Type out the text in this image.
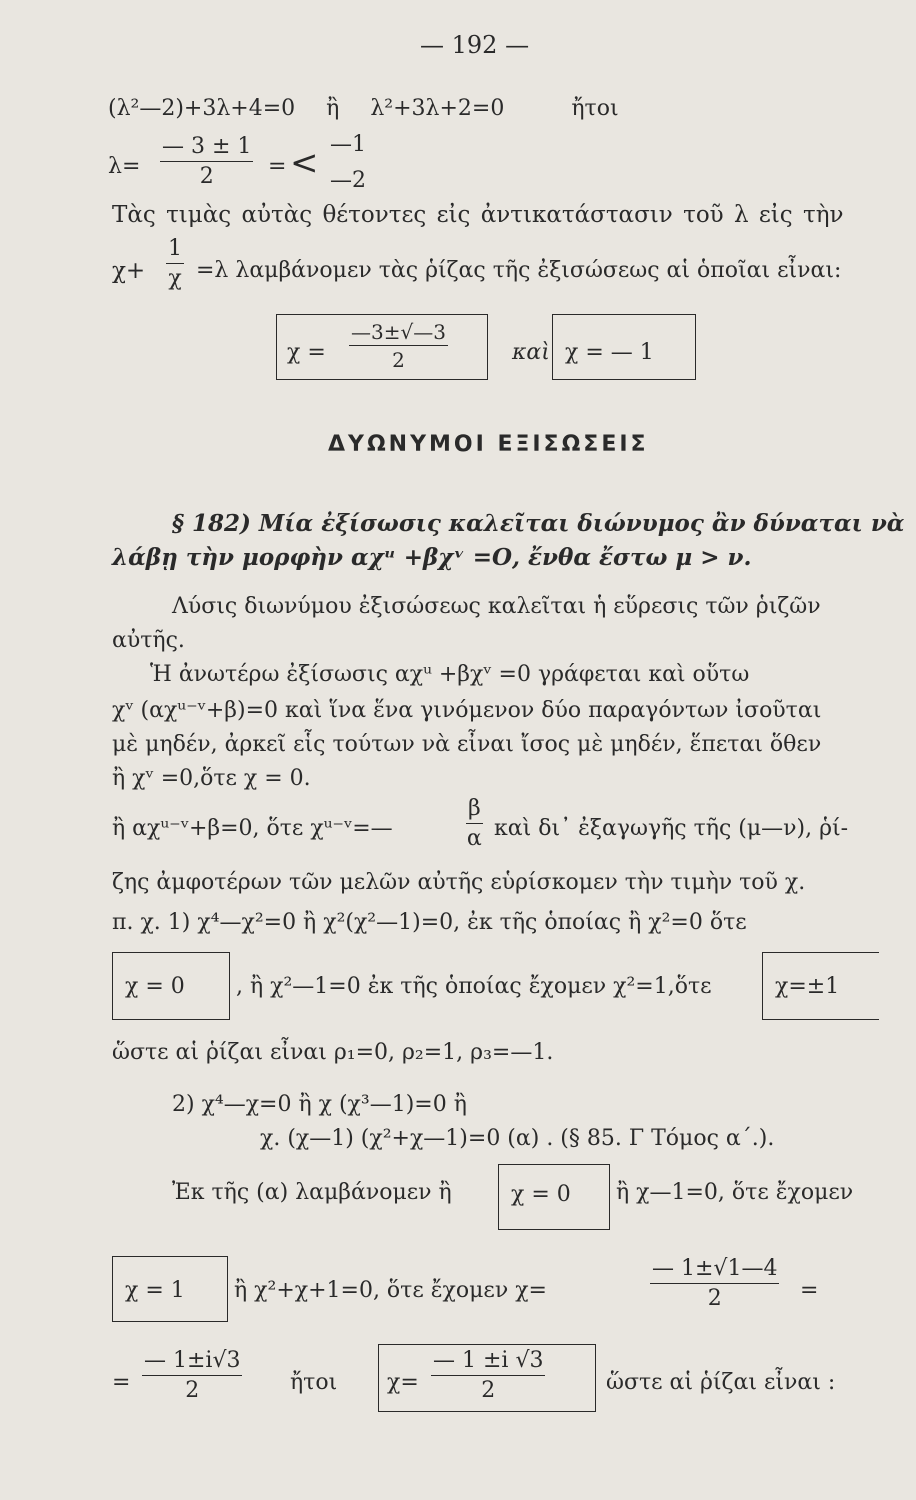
— 192 —
(λ²—2)+3λ+4=0 ἢ λ²+3λ+2=0	ἤτοι
λ=
— 3 ± 1
2 = < —1
—2
Τὰς τιμὰς αὐτὰς θέτοντες εἰς ἀντικατάστασιν τοῦ λ εἰς τὴν
χ+
1
χ =λ λαμβάνομεν τὰς ῥίζας τῆς ἐξισώσεως αἱ ὁποῖαι εἶναι:
χ =
—3±√—3
2	καὶ χ = — 1
ΔΥΩΝΥΜΟΙ ΕΞΙΣΩΣΕΙΣ
§ 182) Μία ἐξίσωσις καλεῖται διώνυμος ἂν δύναται νὰ
λάβῃ τὴν μορφὴν αχᵘ +βχᵛ =Ο, ἔνθα ἔστω μ > ν.
Λύσις διωνύμου ἐξισώσεως καλεῖται ἡ εὕρεσις τῶν ῥιζῶν
αὐτῆς.
Ἡ ἀνωτέρω ἐξίσωσις αχᵘ +βχᵛ =0 γράφεται καὶ οὕτω
χᵛ (αχᵘ⁻ᵛ+β)=0 καὶ ἵνα ἕνα γινόμενον δύο παραγόντων ἰσοῦται
μὲ μηδέν, ἀρκεῖ εἷς τούτων νὰ εἶναι ἴσος μὲ μηδέν, ἕπεται ὅθεν
ἢ χᵛ =0,ὅτε χ = 0.
ἢ αχᵘ⁻ᵛ+β=0, ὅτε χᵘ⁻ᵛ=—
β
α καὶ δι᾿ ἐξαγωγῆς τῆς (μ—ν), ῥί-
ζης ἀμφοτέρων τῶν μελῶν αὐτῆς εὑρίσκομεν τὴν τιμὴν τοῦ χ.
π. χ. 1) χ⁴—χ²=0 ἢ χ²(χ²—1)=0, ἐκ τῆς ὁποίας ἢ χ²=0 ὅτε
χ = 0 , ἢ χ²—1=0 ἐκ τῆς ὁποίας ἔχομεν χ²=1,ὅτε	χ=±1
ὥστε αἱ ῥίζαι εἶναι ρ₁=0, ρ₂=1, ρ₃=—1.
2) χ⁴—χ=0 ἢ χ (χ³—1)=0 ἢ
χ. (χ—1) (χ²+χ—1)=0 (α) . (§ 85. Γ Τόμος α΄.).
Ἐκ τῆς (α) λαμβάνομεν ἢ	χ = 0 ἢ χ—1=0, ὅτε ἔχομεν
χ = 1 ἢ χ²+χ+1=0, ὅτε ἔχομεν χ=
— 1±√1—4
2	=
=
— 1±i√3
2	ἤτοι χ=
— 1 ±i √3
2	ὥστε αἱ ῥίζαι εἶναι :
